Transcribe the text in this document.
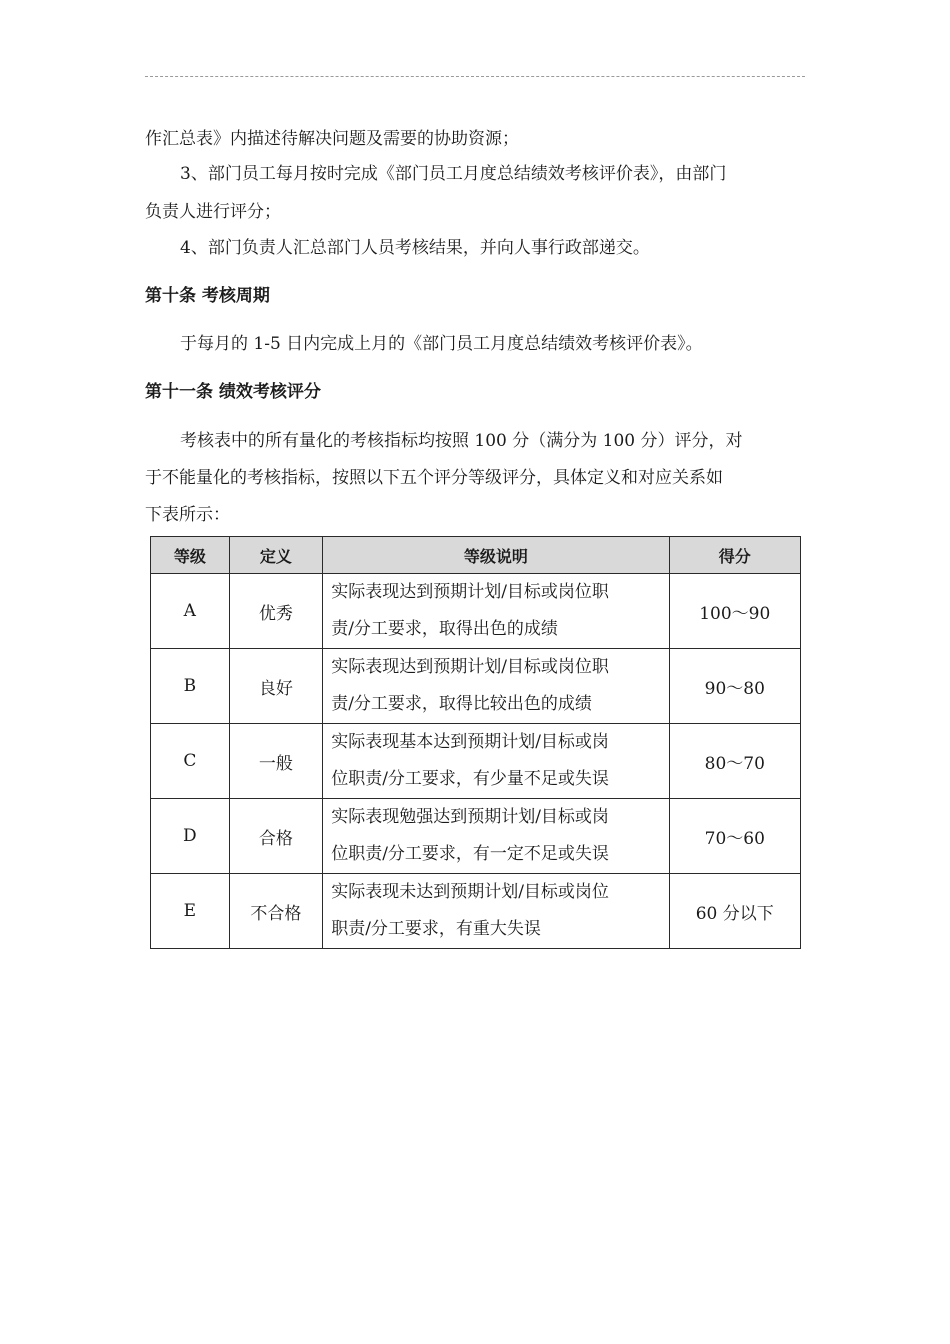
作汇总表》内描述待解决问题及需要的协助资源；
3、部门员工每月按时完成《部门员工月度总结绩效考核评价表》，由部门
负责人进行评分；
4、部门负责人汇总部门人员考核结果，并向人事行政部递交。
第十条 考核周期
于每月的 1-5 日内完成上月的《部门员工月度总结绩效考核评价表》。
第十一条 绩效考核评分
考核表中的所有量化的考核指标均按照 100 分（满分为 100 分）评分，对
于不能量化的考核指标，按照以下五个评分等级评分，具体定义和对应关系如
下表所示：
等级	定义	等级说明	得分
A	优秀	实际表现达到预期计划/目标或岗位职
责/分工要求，取得出色的成绩	100～90
B	良好	实际表现达到预期计划/目标或岗位职
责/分工要求，取得比较出色的成绩	90～80
C	一般	实际表现基本达到预期计划/目标或岗
位职责/分工要求，有少量不足或失误	80～70
D	合格	实际表现勉强达到预期计划/目标或岗
位职责/分工要求，有一定不足或失误	70～60
E	不合格	实际表现未达到预期计划/目标或岗位
职责/分工要求，有重大失误	60 分以下
